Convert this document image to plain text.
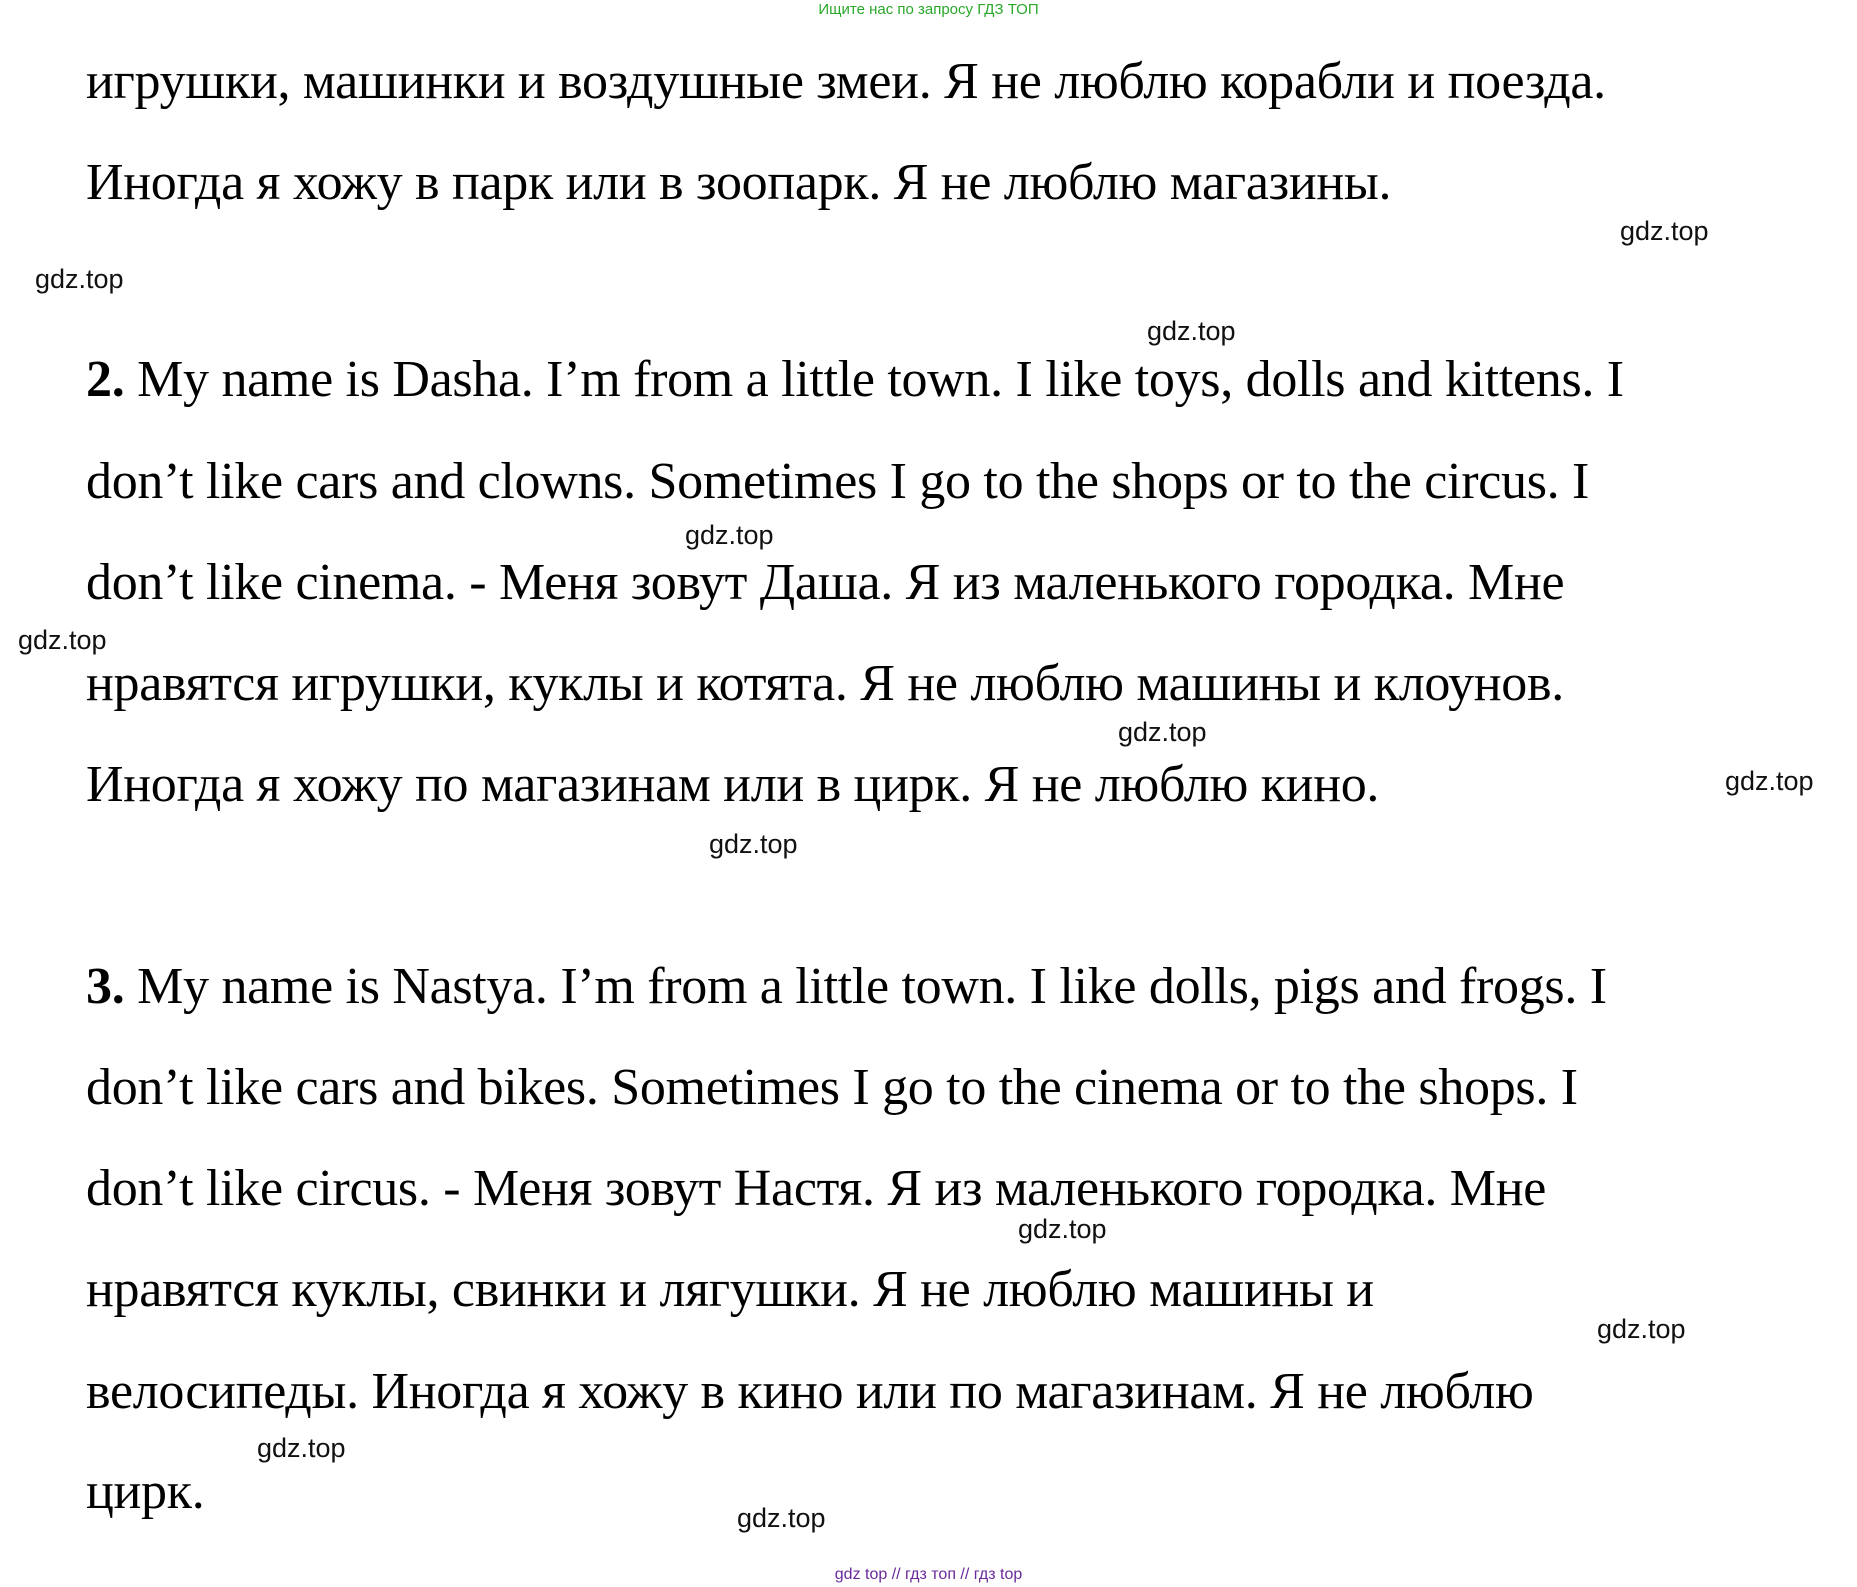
Ищите нас по запросу ГДЗ ТОП
игрушки, машинки и воздушные змеи. Я не люблю корабли и поезда.
Иногда я хожу в парк или в зоопарк. Я не люблю магазины.
2. My name is Dasha. I’m from a little town. I like toys, dolls and kittens. I
don’t like cars and clowns. Sometimes I go to the shops or to the circus. I
don’t like cinema. - Меня зовут Даша. Я из маленького городка. Мне
нравятся игрушки, куклы и котята. Я не люблю машины и клоунов.
Иногда я хожу по магазинам или в цирк. Я не люблю кино.
3. My name is Nastya. I’m from a little town. I like dolls, pigs and frogs. I
don’t like cars and bikes. Sometimes I go to the cinema or to the shops. I
don’t like circus. - Меня зовут Настя. Я из маленького городка. Мне
нравятся куклы, свинки и лягушки. Я не люблю машины и
велосипеды. Иногда я хожу в кино или по магазинам. Я не люблю
цирк.
gdz.top
gdz.top
gdz.top
gdz.top
gdz.top
gdz.top
gdz.top
gdz.top
gdz.top
gdz.top
gdz.top
gdz.top
gdz top // гдз топ // гдз top
